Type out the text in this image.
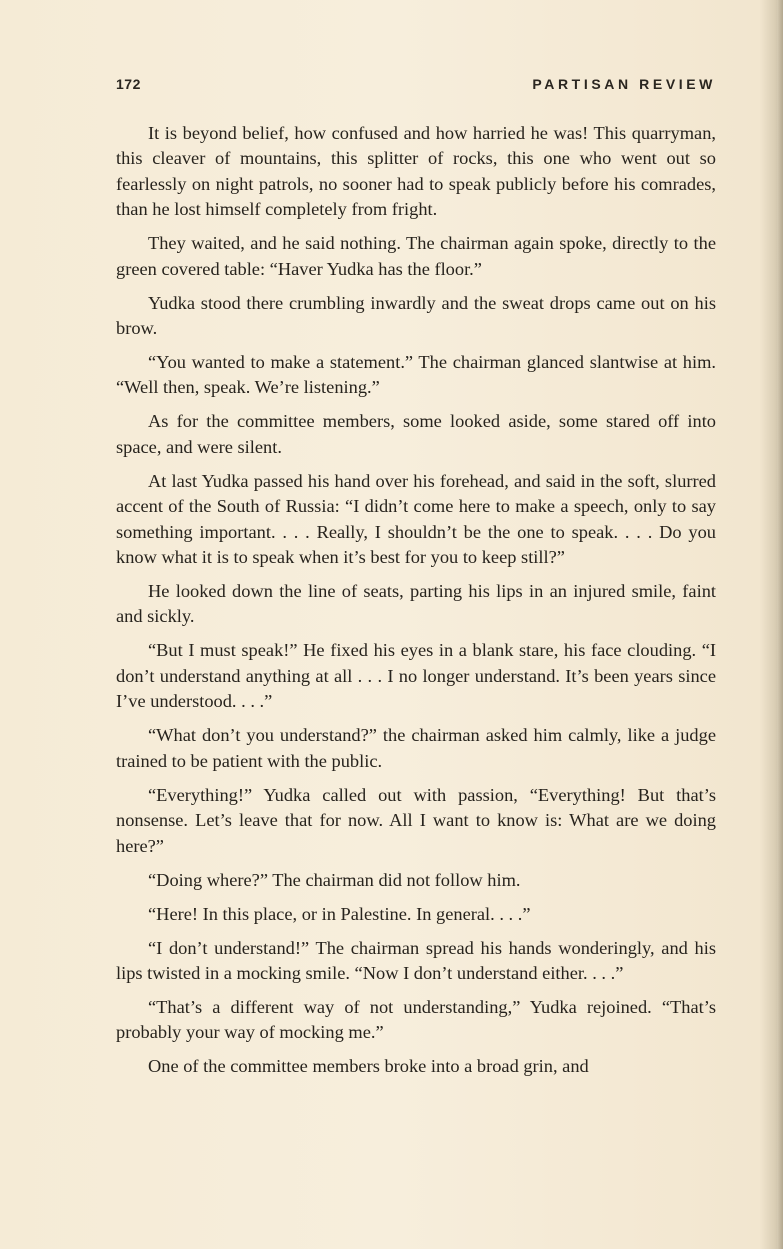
172	PARTISAN REVIEW

It is beyond belief, how confused and how harried he was! This quarryman, this cleaver of mountains, this splitter of rocks, this one who went out so fearlessly on night patrols, no sooner had to speak publicly before his comrades, than he lost himself completely from fright.

They waited, and he said nothing. The chairman again spoke, directly to the green covered table: “Haver Yudka has the floor.”

Yudka stood there crumbling inwardly and the sweat drops came out on his brow.

“You wanted to make a statement.” The chairman glanced slantwise at him. “Well then, speak. We’re listening.”

As for the committee members, some looked aside, some stared off into space, and were silent.

At last Yudka passed his hand over his forehead, and said in the soft, slurred accent of the South of Russia: “I didn’t come here to make a speech, only to say something important. . . . Really, I shouldn’t be the one to speak. . . . Do you know what it is to speak when it’s best for you to keep still?”

He looked down the line of seats, parting his lips in an injured smile, faint and sickly.

“But I must speak!” He fixed his eyes in a blank stare, his face clouding. “I don’t understand anything at all . . . I no longer understand. It’s been years since I’ve understood. . . .”

“What don’t you understand?” the chairman asked him calmly, like a judge trained to be patient with the public.

“Everything!” Yudka called out with passion, “Everything! But that’s nonsense. Let’s leave that for now. All I want to know is: What are we doing here?”

“Doing where?” The chairman did not follow him.

“Here! In this place, or in Palestine. In general. . . .”

“I don’t understand!” The chairman spread his hands wonderingly, and his lips twisted in a mocking smile. “Now I don’t understand either. . . .”

“That’s a different way of not understanding,” Yudka rejoined. “That’s probably your way of mocking me.”

One of the committee members broke into a broad grin, and
